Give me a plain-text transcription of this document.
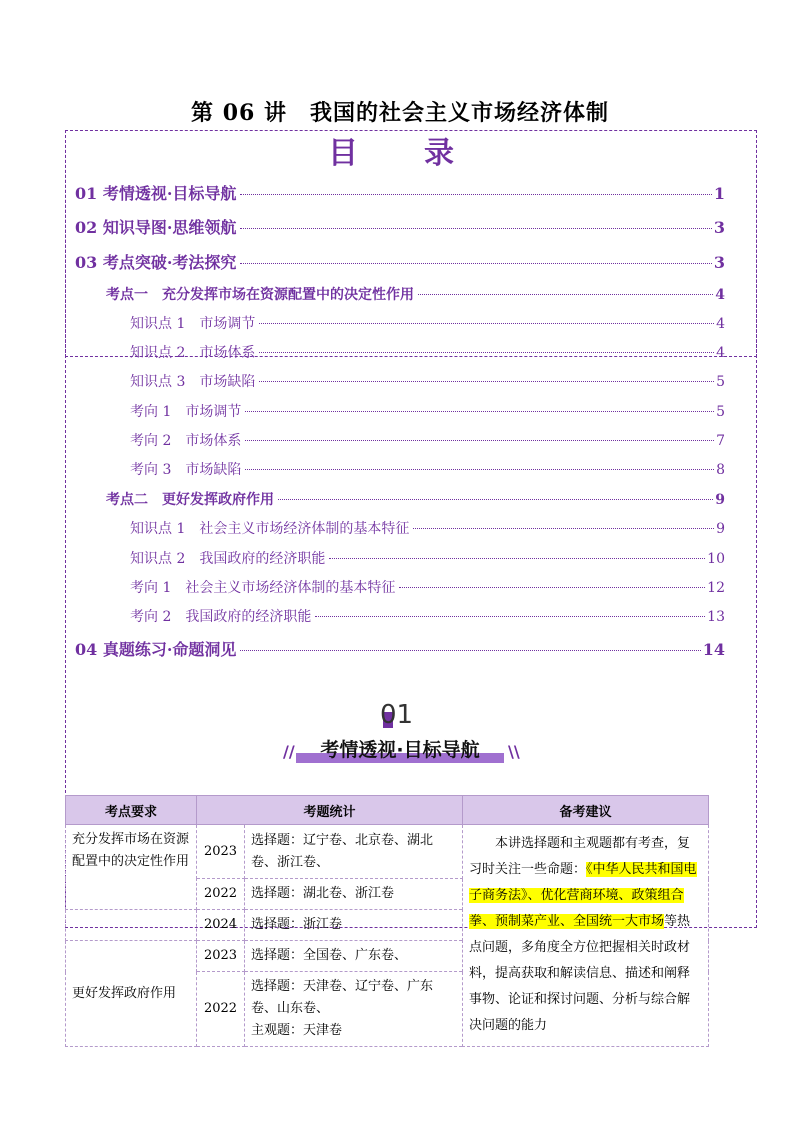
第 06 讲　我国的社会主义市场经济体制
目　录
01 考情透视·目标导航	1
02 知识导图·思维领航	3
03 考点突破·考法探究	3
考点一　充分发挥市场在资源配置中的决定性作用	4
知识点 1　市场调节	4
知识点 2　市场体系	4
知识点 3　市场缺陷	5
考向 1　市场调节	5
考向 2　市场体系	7
考向 3　市场缺陷	8
考点二　更好发挥政府作用	9
知识点 1　社会主义市场经济体制的基本特征	9
知识点 2　我国政府的经济职能	10
考向 1　社会主义市场经济体制的基本特征	12
考向 2　我国政府的经济职能	13
04 真题练习·命题洞见	14
01
//	考情透视·目标导航	\\
考点要求	考题统计		备考建议
充分发挥市场在资源配置中的决定性作用	2023	选择题：辽宁卷、北京卷、湖北卷、浙江卷、	本讲选择题和主观题都有考查，复习时关注一些命题：《中华人民共和国电子商务法》、优化营商环境、政策组合拳、预制菜产业、全国统一大市场等热点问题，多角度全方位把握相关时政材料，提高获取和解读信息、描述和阐释事物、论证和探讨问题、分析与综合解决问题的能力
	2022	选择题：湖北卷、浙江卷	
	2024	选择题：浙江卷	
更好发挥政府作用	2023	选择题：全国卷、广东卷、	
	2022	选择题：天津卷、辽宁卷、广东卷、山东卷、
主观题：天津卷	
